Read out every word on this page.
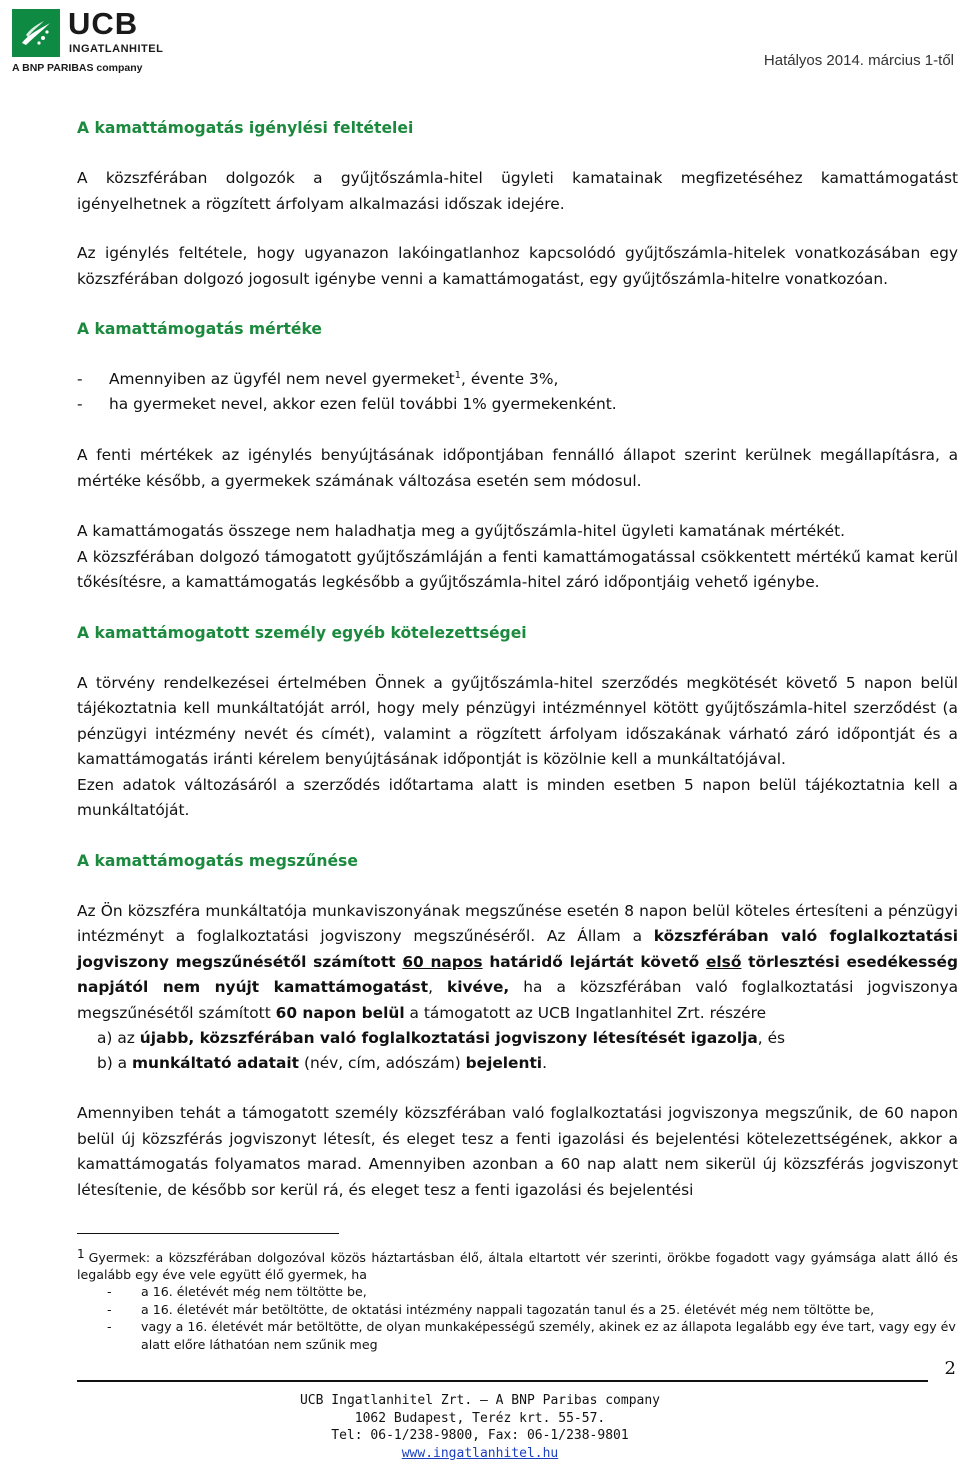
UCB
INGATLANHITEL
A BNP PARIBAS company	Hatályos 2014. március 1-től
A kamattámogatás igénylési feltételei

A közszférában dolgozók a gyűjtőszámla-hitel ügyleti kamatainak megfizetéséhez kamattámogatást igényelhetnek a rögzített árfolyam alkalmazási időszak idejére.

Az igénylés feltétele, hogy ugyanazon lakóingatlanhoz kapcsolódó gyűjtőszámla-hitelek vonatkozásában egy közszférában dolgozó jogosult igénybe venni a kamattámogatást, egy gyűjtőszámla-hitelre vonatkozóan.

A kamattámogatás mértéke
- Amennyiben az ügyfél nem nevel gyermeket$^1$, évente 3%,
- ha gyermeket nevel, akkor ezen felül további 1% gyermekenként.

A fenti mértékek az igénylés benyújtásának időpontjában fennálló állapot szerint kerülnek megállapításra, a mértéke később, a gyermekek számának változása esetén sem módosul.

A kamattámogatás összege nem haladhatja meg a gyűjtőszámla-hitel ügyleti kamatának mértékét.

A közszférában dolgozó támogatott gyűjtőszámláján a fenti kamattámogatással csökkentett mértékű kamat kerül tőkésítésre, a kamattámogatás legkésőbb a gyűjtőszámla-hitel záró időpontjáig vehető igénybe.

A kamattámogatott személy egyéb kötelezettségei

A törvény rendelkezései értelmében Önnek a gyűjtőszámla-hitel szerződés megkötését követő 5 napon belül tájékoztatnia kell munkáltatóját arról, hogy mely pénzügyi intézménnyel kötött gyűjtőszámla-hitel szerződést (a pénzügyi intézmény nevét és címét), valamint a rögzített árfolyam időszakának várható záró időpontját és a kamattámogatás iránti kérelem benyújtásának időpontját is közölnie kell a munkáltatójával.

Ezen adatok változásáról a szerződés időtartama alatt is minden esetben 5 napon belül tájékoztatnia kell a munkáltatóját.

A kamattámogatás megszűnése

Az Ön közszféra munkáltatója munkaviszonyának megszűnése esetén 8 napon belül köteles értesíteni a pénzügyi intézményt a foglalkoztatási jogviszony megszűnéséről. Az Állam a közszférában való foglalkoztatási jogviszony megszűnésétől számított 60 napos határidő lejártát követő első törlesztési esedékesség napjától nem nyújt kamattámogatást, kivéve, ha a közszférában való foglalkoztatási jogviszonya megszűnésétől számított 60 napon belül a támogatott az UCB Ingatlanhitel Zrt. részére

a) az újabb, közszférában való foglalkoztatási jogviszony létesítését igazolja, és
b) a munkáltató adatait (név, cím, adószám) bejelenti.

Amennyiben tehát a támogatott személy közszférában való foglalkoztatási jogviszonya megszűnik, de 60 napon belül új közszférás jogviszonyt létesít, és eleget tesz a fenti igazolási és bejelentési kötelezettségének, akkor a kamattámogatás folyamatos marad. Amennyiben azonban a 60 nap alatt nem sikerül új közszférás jogviszonyt létesítenie, de később sor kerül rá, és eleget tesz a fenti igazolási és bejelentési

1 Gyermek: a közszférában dolgozóval közös háztartásban élő, általa eltartott vér szerinti, örökbe fogadott vagy gyámsága alatt álló és legalább egy éve vele együtt élő gyermek, ha

- a 16. életévét még nem töltötte be,
- a 16. életévét már betöltötte, de oktatási intézmény nappali tagozatán tanul és a 25. életévét még nem töltötte be,
- vagy a 16. életévét már betöltötte, de olyan munkaképességű személy, akinek ez az állapota legalább egy éve tart, vagy egy év alatt előre láthatóan nem szűnik meg
2
UCB Ingatlanhitel Zrt. – A BNP Paribas company
1062 Budapest, Teréz krt. 55-57.
Tel: 06-1/238-9800, Fax: 06-1/238-9801
www.ingatlanhitel.hu
